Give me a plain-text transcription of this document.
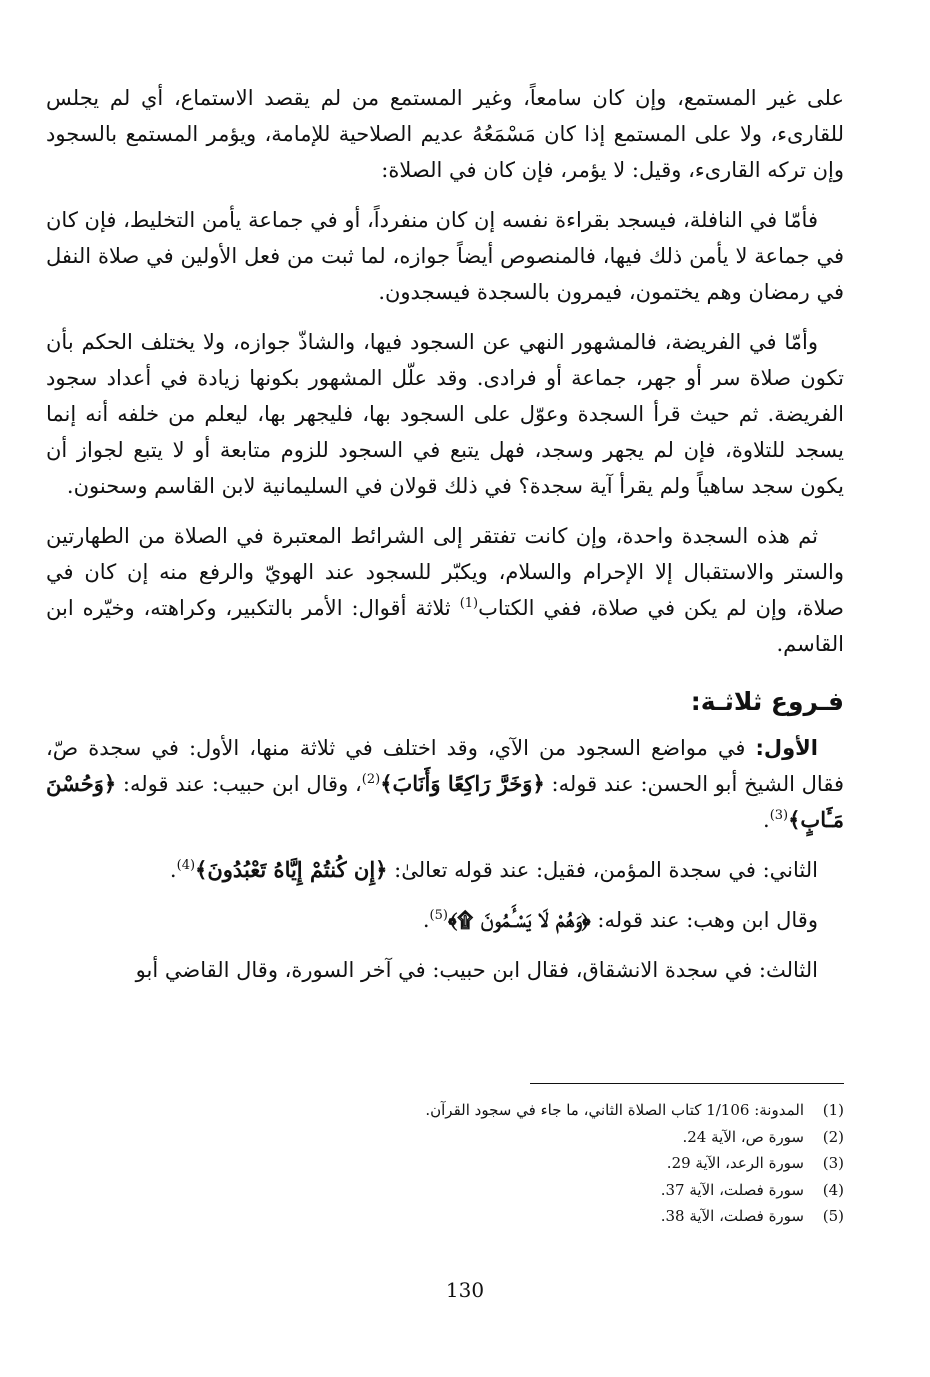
على غير المستمع، وإن كان سامعاً، وغير المستمع من لم يقصد الاستماع، أي لم يجلس للقارىء، ولا على المستمع إذا كان مَسْمَعُهُ عديم الصلاحية للإمامة، ويؤمر المستمع بالسجود وإن تركه القارىء، وقيل: لا يؤمر، فإن كان في الصلاة:

فأمّا في النافلة، فيسجد بقراءة نفسه إن كان منفرداً، أو في جماعة يأمن التخليط، فإن كان في جماعة لا يأمن ذلك فيها، فالمنصوص أيضاً جوازه، لما ثبت من فعل الأولين في صلاة النفل في رمضان وهم يختمون، فيمرون بالسجدة فيسجدون.

وأمّا في الفريضة، فالمشهور النهي عن السجود فيها، والشاذّ جوازه، ولا يختلف الحكم بأن تكون صلاة سر أو جهر، جماعة أو فرادى. وقد علّل المشهور بكونها زيادة في أعداد سجود الفريضة. ثم حيث قرأ السجدة وعوّل على السجود بها، فليجهر بها، ليعلم من خلفه أنه إنما يسجد للتلاوة، فإن لم يجهر وسجد، فهل يتبع في السجود للزوم متابعة أو لا يتبع لجواز أن يكون سجد ساهياً ولم يقرأ آية سجدة؟ في ذلك قولان في السليمانية لابن القاسم وسحنون.

ثم هذه السجدة واحدة، وإن كانت تفتقر إلى الشرائط المعتبرة في الصلاة من الطهارتين والستر والاستقبال إلا الإحرام والسلام، ويكبّر للسجود عند الهويّ والرفع منه إن كان في صلاة، وإن لم يكن في صلاة، ففي الكتاب$^{(1)}$ ثلاثة أقوال: الأمر بالتكبير، وكراهته، وخيّره ابن القاسم.

فـروع ثلاثـة:

الأول: في مواضع السجود من الآي، وقد اختلف في ثلاثة منها، الأول: في سجدة صّ، فقال الشيخ أبو الحسن: عند قوله: ﴿وَخَرَّ رَاكِعًا وَأَنَابَ﴾$^{(2)}$، وقال ابن حبيب: عند قوله: ﴿وَحُسْنَ مَـَٔابٍ﴾$^{(3)}$.

الثاني: في سجدة المؤمن، فقيل: عند قوله تعالىٰ: ﴿إِن كُنتُمْ إِيَّاهُ تَعْبُدُونَ﴾$^{(4)}$.

وقال ابن وهب: عند قوله: ﴿وَهُمْ لَا يَسْـَٔمُونَ ۩﴾$^{(5)}$.

الثالث: في سجدة الانشقاق، فقال ابن حبيب: في آخر السورة، وقال القاضي أبو

(1)
المدونة: 1/106 كتاب الصلاة الثاني، ما جاء في سجود القرآن.
(2)
سورة ص، الآية 24.
(3)
سورة الرعد، الآية 29.
(4)
سورة فصلت، الآية 37.
(5)
سورة فصلت، الآية 38.
130
